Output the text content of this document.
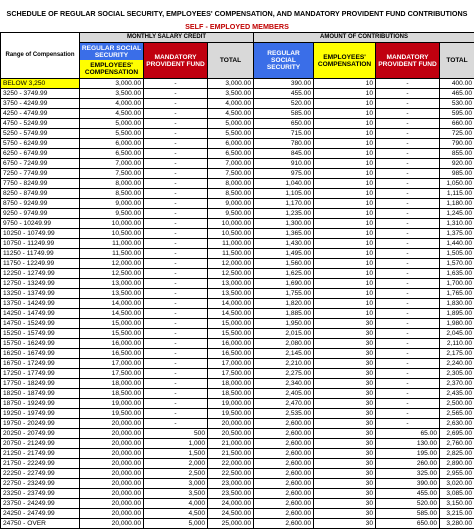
SCHEDULE OF REGULAR SOCIAL SECURITY, EMPLOYEES' COMPENSATION, AND MANDATORY PROVIDENT FUND CONTRIBUTIONS
SELF - EMPLOYED MEMBERS
Range of Compensation	MONTHLY SALARY CREDIT			AMOUNT OF CONTRIBUTIONS			

REGULAR SOCIAL SECURITY
EMPLOYEES' COMPENSATION	MANDATORY PROVIDENT FUND	TOTAL	REGULAR SOCIAL SECURITY	EMPLOYEES' COMPENSATION	MANDATORY PROVIDENT FUND	TOTAL
BELOW 3,250	3,000.00	-	3,000.00	390.00	10	-	400.00
3250 - 3749.99	3,500.00	-	3,500.00	455.00	10	-	465.00
3750 - 4249.99	4,000.00	-	4,000.00	520.00	10	-	530.00
4250 - 4749.99	4,500.00	-	4,500.00	585.00	10	-	595.00
4750 - 5249.99	5,000.00	-	5,000.00	650.00	10	-	660.00
5250 - 5749.99	5,500.00	-	5,500.00	715.00	10	-	725.00
5750 - 6249.99	6,000.00	-	6,000.00	780.00	10	-	790.00
6250 - 6749.99	6,500.00	-	6,500.00	845.00	10	-	855.00
6750 - 7249.99	7,000.00	-	7,000.00	910.00	10	-	920.00
7250 - 7749.99	7,500.00	-	7,500.00	975.00	10	-	985.00
7750 - 8249.99	8,000.00	-	8,000.00	1,040.00	10	-	1,050.00
8250 - 8749.99	8,500.00	-	8,500.00	1,105.00	10	-	1,115.00
8750 - 9249.99	9,000.00	-	9,000.00	1,170.00	10	-	1,180.00
9250 - 9749.99	9,500.00	-	9,500.00	1,235.00	10	-	1,245.00
9750 - 10249.99	10,000.00	-	10,000.00	1,300.00	10	-	1,310.00
10250 - 10749.99	10,500.00	-	10,500.00	1,365.00	10	-	1,375.00
10750 - 11249.99	11,000.00	-	11,000.00	1,430.00	10	-	1,440.00
11250 - 11749.99	11,500.00	-	11,500.00	1,495.00	10	-	1,505.00
11750 - 12249.99	12,000.00	-	12,000.00	1,560.00	10	-	1,570.00
12250 - 12749.99	12,500.00	-	12,500.00	1,625.00	10	-	1,635.00
12750 - 13249.99	13,000.00	-	13,000.00	1,690.00	10	-	1,700.00
13250 - 13749.99	13,500.00	-	13,500.00	1,755.00	10	-	1,765.00
13750 - 14249.99	14,000.00	-	14,000.00	1,820.00	10	-	1,830.00
14250 - 14749.99	14,500.00	-	14,500.00	1,885.00	10	-	1,895.00
14750 - 15249.99	15,000.00	-	15,000.00	1,950.00	30	-	1,980.00
15250 - 15749.99	15,500.00	-	15,500.00	2,015.00	30	-	2,045.00
15750 - 16249.99	16,000.00	-	16,000.00	2,080.00	30	-	2,110.00
16250 - 16749.99	16,500.00	-	16,500.00	2,145.00	30	-	2,175.00
16750 - 17249.99	17,000.00	-	17,000.00	2,210.00	30	-	2,240.00
17250 - 17749.99	17,500.00	-	17,500.00	2,275.00	30	-	2,305.00
17750 - 18249.99	18,000.00	-	18,000.00	2,340.00	30	-	2,370.00
18250 - 18749.99	18,500.00	-	18,500.00	2,405.00	30	-	2,435.00
18750 - 19249.99	19,000.00	-	19,000.00	2,470.00	30	-	2,500.00
19250 - 19749.99	19,500.00	-	19,500.00	2,535.00	30	-	2,565.00
19750 - 20249.99	20,000.00	-	20,000.00	2,600.00	30	-	2,630.00
20250 - 20749.99	20,000.00	500	20,500.00	2,600.00	30	65.00	2,695.00
20750 - 21249.99	20,000.00	1,000	21,000.00	2,600.00	30	130.00	2,760.00
21250 - 21749.99	20,000.00	1,500	21,500.00	2,600.00	30	195.00	2,825.00
21750 - 22249.99	20,000.00	2,000	22,000.00	2,600.00	30	260.00	2,890.00
22250 - 22749.99	20,000.00	2,500	22,500.00	2,600.00	30	325.00	2,955.00
22750 - 23249.99	20,000.00	3,000	23,000.00	2,600.00	30	390.00	3,020.00
23250 - 23749.99	20,000.00	3,500	23,500.00	2,600.00	30	455.00	3,085.00
23750 - 24249.99	20,000.00	4,000	24,000.00	2,600.00	30	520.00	3,150.00
24250 - 24749.99	20,000.00	4,500	24,500.00	2,600.00	30	585.00	3,215.00
24750 - OVER	20,000.00	5,000	25,000.00	2,600.00	30	650.00	3,280.00
